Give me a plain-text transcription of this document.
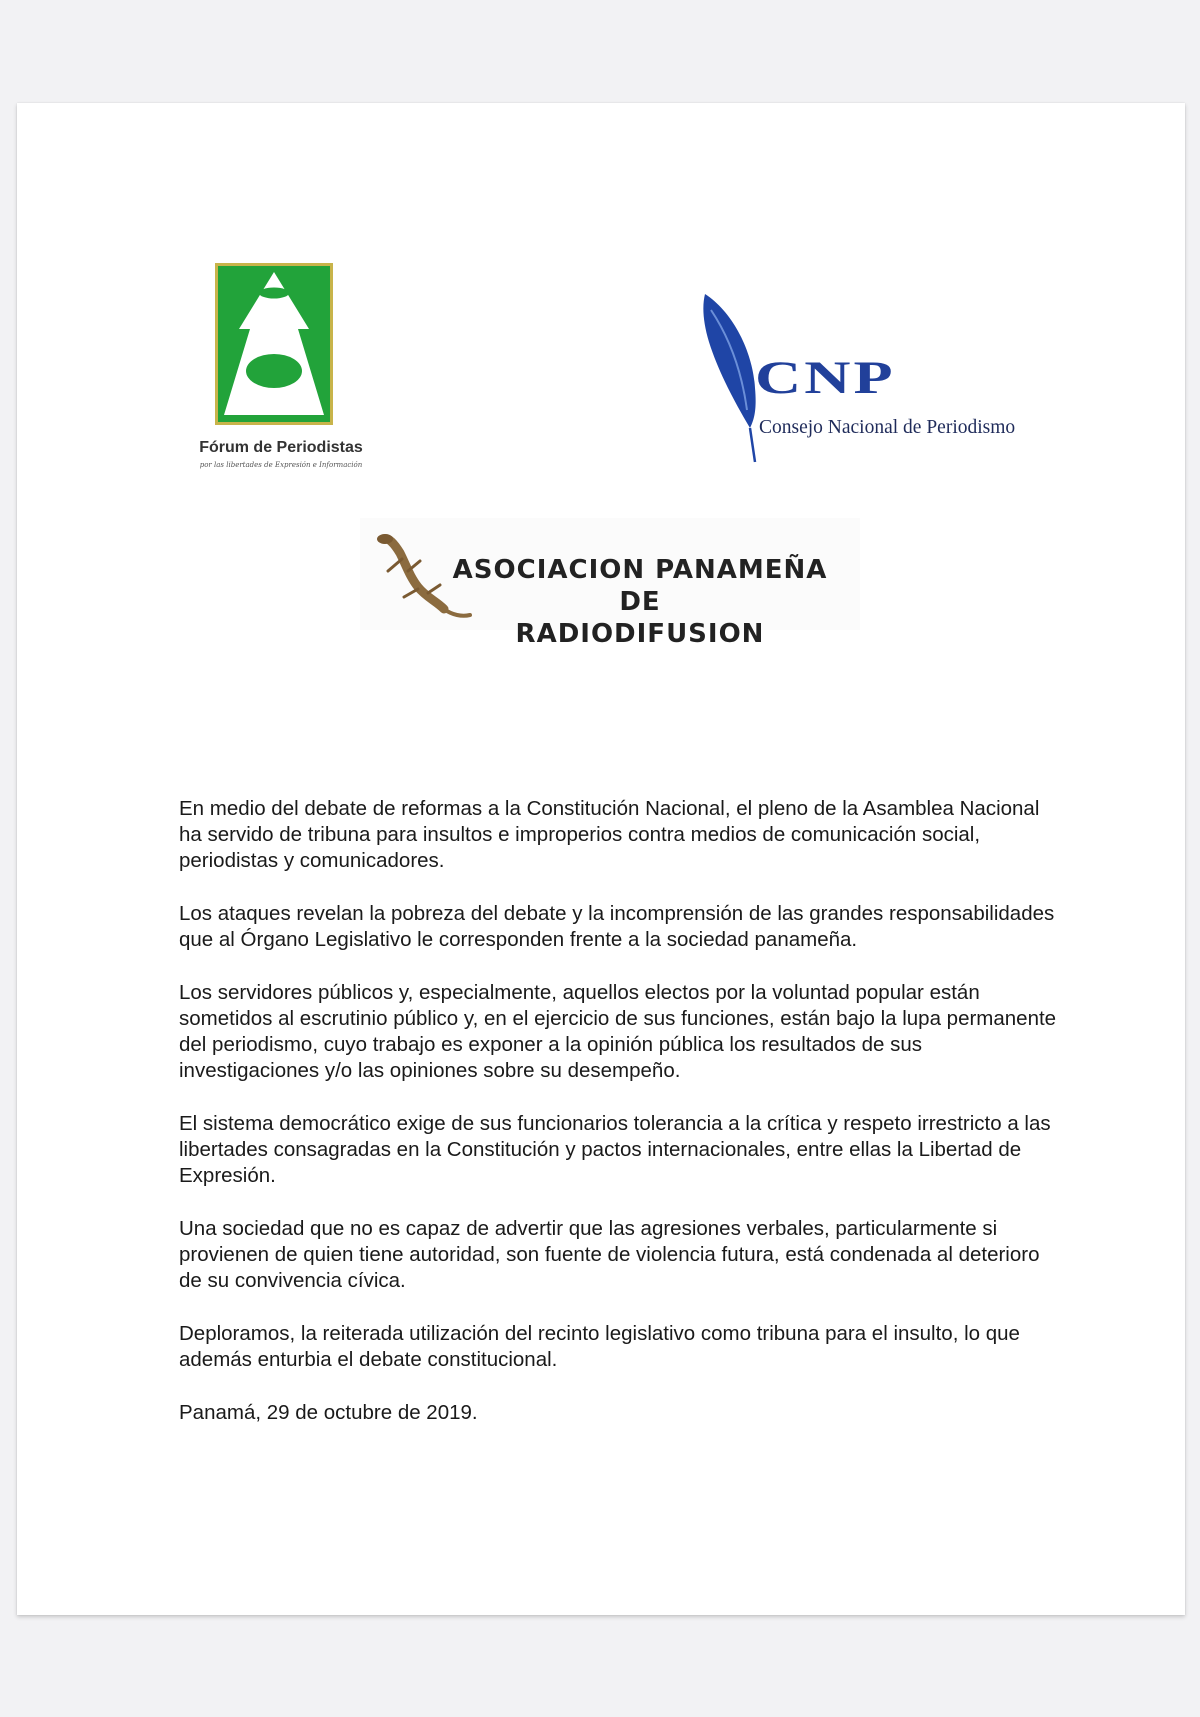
Fórum de Periodistas
por las libertades de Expresión e Información
CNP
Consejo Nacional de Periodismo
ASOCIACION PANAMEÑA DE
RADIODIFUSION

En medio del debate de reformas a la Constitución Nacional, el pleno de la Asamblea Nacional ha servido de tribuna para insultos e improperios contra medios de comunicación social, periodistas y comunicadores.

Los ataques revelan la pobreza del debate y la incomprensión de las grandes responsabilidades que al Órgano Legislativo le corresponden frente a la sociedad panameña.

Los servidores públicos y, especialmente, aquellos electos por la voluntad popular están sometidos al escrutinio público y, en el ejercicio de sus funciones, están bajo la lupa permanente del periodismo, cuyo trabajo es exponer a la opinión pública los resultados de sus investigaciones y/o las opiniones sobre su desempeño.

El sistema democrático exige de sus funcionarios tolerancia a la crítica y respeto irrestricto a las libertades consagradas en la Constitución y pactos internacionales, entre ellas la Libertad de Expresión.

Una sociedad que no es capaz de advertir que las agresiones verbales, particularmente si provienen de quien tiene autoridad, son fuente de violencia futura, está condenada al deterioro de su convivencia cívica.

Deploramos, la reiterada utilización del recinto legislativo como tribuna para el insulto, lo que además enturbia el debate constitucional.

Panamá, 29 de octubre de 2019.
